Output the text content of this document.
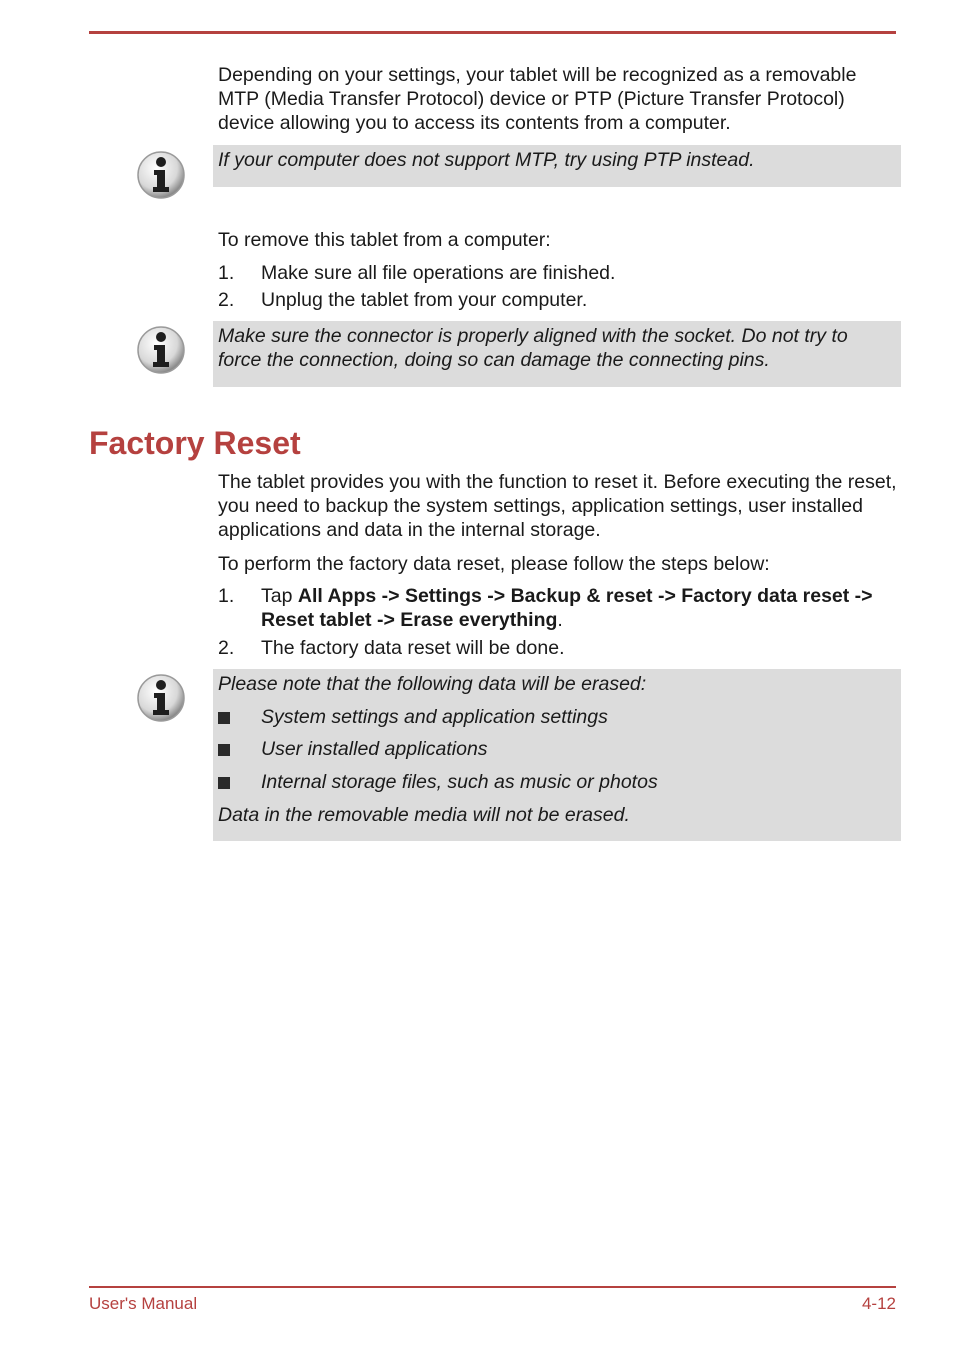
Depending on your settings, your tablet will be recognized as a removable MTP (Media Transfer Protocol) device or PTP (Picture Transfer Protocol) device allowing you to access its contents from a computer.

If your computer does not support MTP, try using PTP instead.

To remove this tablet from a computer:

1. Make sure all file operations are finished.
2. Unplug the tablet from your computer.

Make sure the connector is properly aligned with the socket. Do not try to force the connection, doing so can damage the connecting pins.

Factory Reset

The tablet provides you with the function to reset it. Before executing the reset, you need to backup the system settings, application settings, user installed applications and data in the internal storage.

To perform the factory data reset, please follow the steps below:

1. Tap All Apps -> Settings -> Backup & reset -> Factory data reset -> Reset tablet -> Erase everything.
2. The factory data reset will be done.

Please note that the following data will be erased:

System settings and application settings
User installed applications
Internal storage files, such as music or photos

Data in the removable media will not be erased.

User's Manual	4-12
